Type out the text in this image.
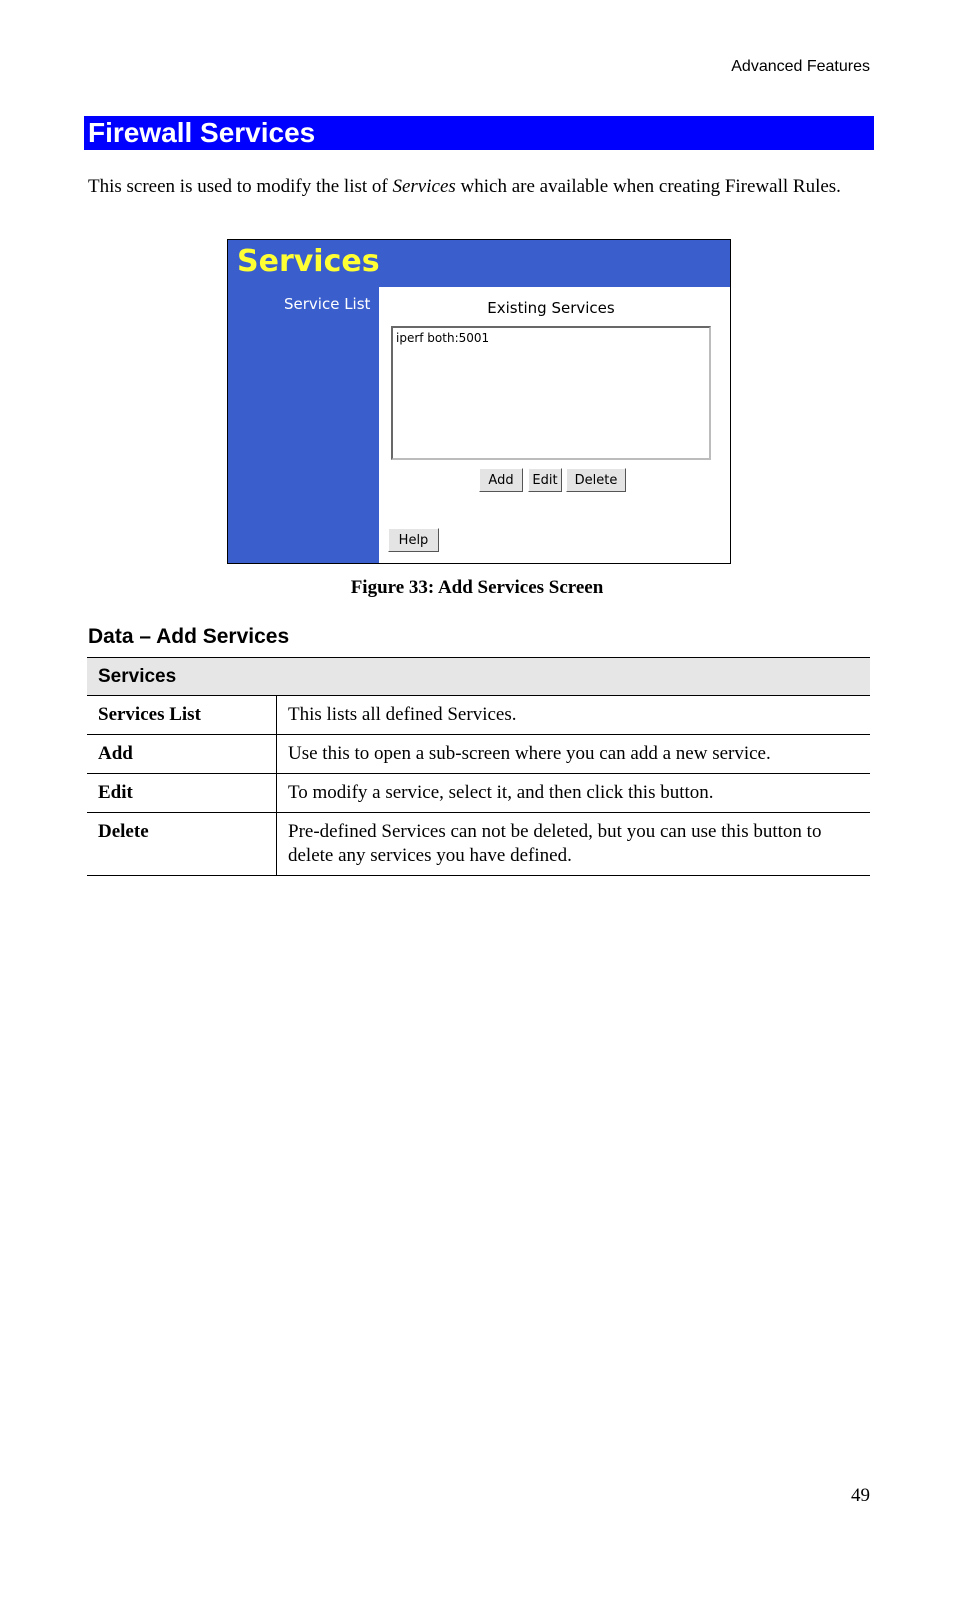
Advanced Features
Firewall Services

This screen is used to modify the list of Services which are available when creating Firewall Rules.

Services
Service List	Existing Services
iperf both:5001
Add	Edit	Delete
Help
Figure 33: Add Services Screen
Data – Add Services
Services	
Services List	This lists all defined Services.
Add	Use this to open a sub-screen where you can add a new service.
Edit	To modify a service, select it, and then click this button.
Delete	Pre-defined Services can not be deleted, but you can use this button to delete any services you have defined.
49
